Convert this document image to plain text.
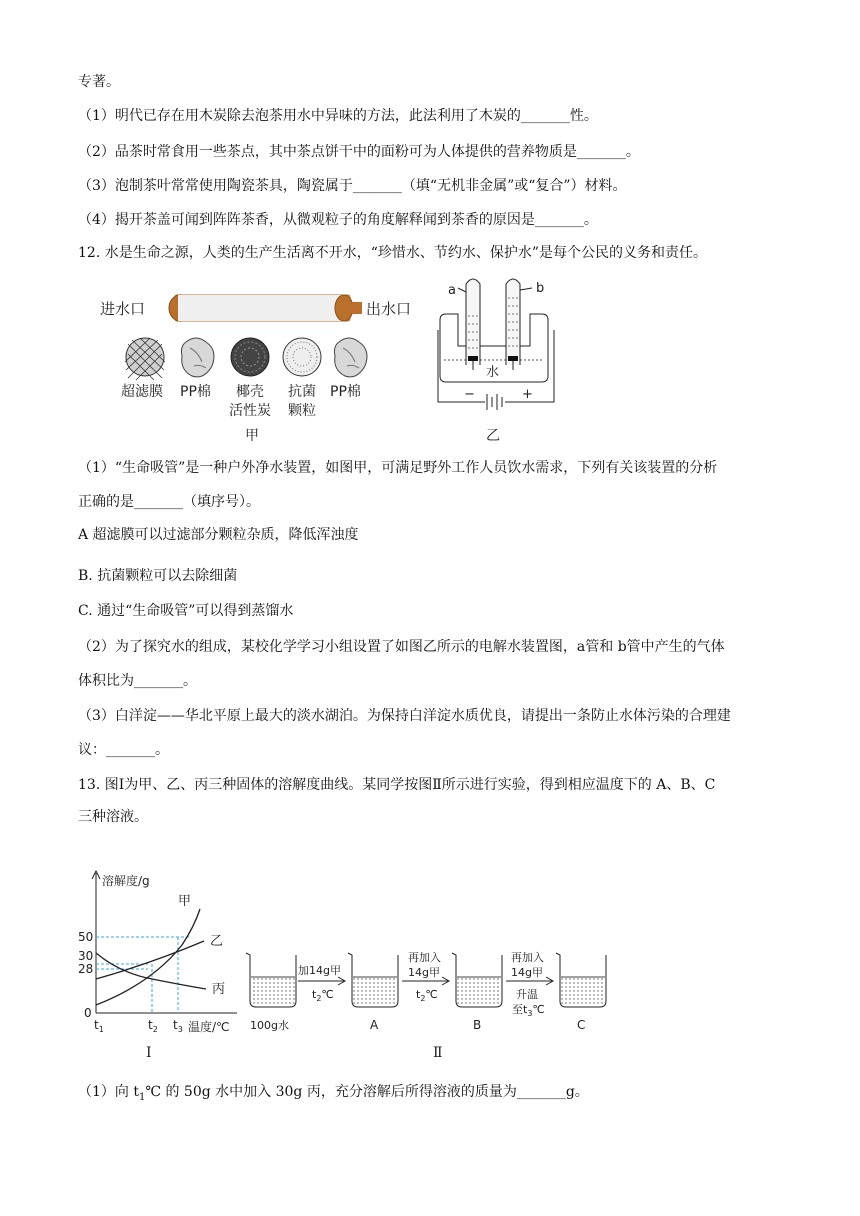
专著。
（1）明代已存在用木炭除去泡茶用水中异味的方法，此法利用了木炭的_______性。
（2）品茶时常食用一些茶点，其中茶点饼干中的面粉可为人体提供的营养物质是_______。
（3）泡制茶叶常常使用陶瓷茶具，陶瓷属于_______（填“无机非金属”或“复合”）材料。
（4）揭开茶盖可闻到阵阵茶香，从微观粒子的角度解释闻到茶香的原因是_______。
12. 水是生命之源，人类的生产生活离不开水，“珍惜水、节约水、保护水”是每个公民的义务和责任。
进水口	出水口
超滤膜 PP棉 椰壳
活性炭
抗菌
颗粒
PP棉
甲
水
a	b
−	+
乙
（1）“生命吸管”是一种户外净水装置，如图甲，可满足野外工作人员饮水需求，下列有关该装置的分析
正确的是_______（填序号）。
A 超滤膜可以过滤部分颗粒杂质，降低浑浊度
B. 抗菌颗粒可以去除细菌
C. 通过“生命吸管”可以得到蒸馏水
（2）为了探究水的组成，某校化学学习小组设置了如图乙所示的电解水装置图，a管和 b管中产生的气体
体积比为_______。
（3）白洋淀——华北平原上最大的淡水湖泊。为保持白洋淀水质优良，请提出一条防止水体污染的合理建
议：_______。
13. 图Ⅰ为甲、乙、丙三种固体的溶解度曲线。某同学按图Ⅱ所示进行实验，得到相应温度下的 A、B、C
三种溶液。
溶解度/g
温度/℃
甲
乙
丙
50
30
28
0
$t_1$	$t_2$ $t_3$
Ⅰ
加14g甲
$t_2℃$
再加入
14g甲
$t_2℃$
再加入
14g甲
升温
至$t_3℃$
100g水	A	B	C
Ⅱ
（1）向 $t_1℃$ 的 50g 水中加入 30g 丙，充分溶解后所得溶液的质量为_______g。
